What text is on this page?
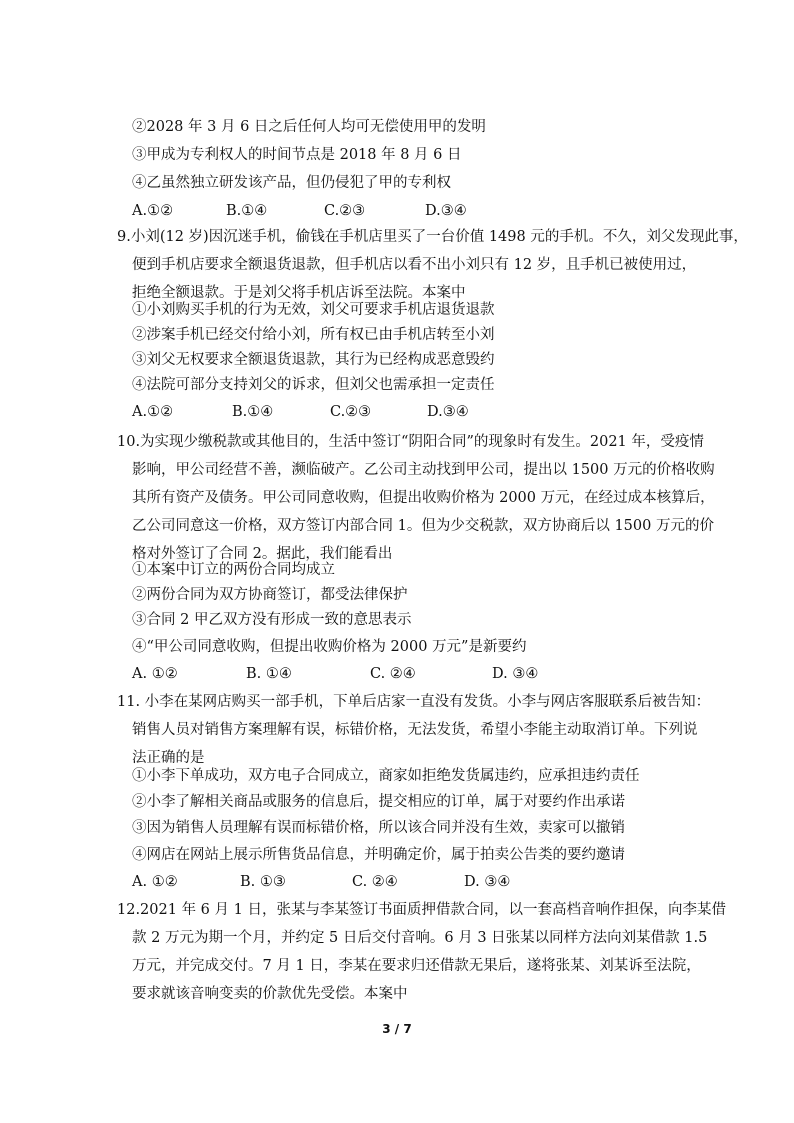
②2028 年 3 月 6 日之后任何人均可无偿使用甲的发明

③甲成为专利权人的时间节点是 2018 年 8 月 6 日

④乙虽然独立研发该产品，但仍侵犯了甲的专利权

A.①②	B.①④	C.②③	D.③④

9.小刘(12 岁)因沉迷手机，偷钱在手机店里买了一台价值 1498 元的手机。不久，刘父发现此事，

便到手机店要求全额退货退款，但手机店以看不出小刘只有 12 岁，且手机已被使用过，

拒绝全额退款。于是刘父将手机店诉至法院。本案中

①小刘购买手机的行为无效，刘父可要求手机店退货退款

②涉案手机已经交付给小刘，所有权已由手机店转至小刘

③刘父无权要求全额退货退款，其行为已经构成恶意毁约

④法院可部分支持刘父的诉求，但刘父也需承担一定责任

A.①②	B.①④	C.②③	D.③④

10.为实现少缴税款或其他目的，生活中签订“阴阳合同”的现象时有发生。2021 年，受疫情

影响，甲公司经营不善，濒临破产。乙公司主动找到甲公司，提出以 1500 万元的价格收购

其所有资产及债务。甲公司同意收购，但提出收购价格为 2000 万元，在经过成本核算后，

乙公司同意这一价格，双方签订内部合同 1。但为少交税款，双方协商后以 1500 万元的价

格对外签订了合同 2。据此，我们能看出

①本案中订立的两份合同均成立

②两份合同为双方协商签订，都受法律保护

③合同 2 甲乙双方没有形成一致的意思表示

④“甲公司同意收购，但提出收购价格为 2000 万元”是新要约

A. ①②	B. ①④	C. ②④	D. ③④

11. 小李在某网店购买一部手机，下单后店家一直没有发货。小李与网店客服联系后被告知：

销售人员对销售方案理解有误，标错价格，无法发货，希望小李能主动取消订单。下列说

法正确的是

①小李下单成功，双方电子合同成立，商家如拒绝发货属违约，应承担违约责任

②小李了解相关商品或服务的信息后，提交相应的订单，属于对要约作出承诺

③因为销售人员理解有误而标错价格，所以该合同并没有生效，卖家可以撤销

④网店在网站上展示所售货品信息，并明确定价，属于拍卖公告类的要约邀请

A. ①②	B. ①③	C. ②④	D. ③④

12.2021 年 6 月 1 日，张某与李某签订书面质押借款合同，以一套高档音响作担保，向李某借

款 2 万元为期一个月，并约定 5 日后交付音响。6 月 3 日张某以同样方法向刘某借款 1.5

万元，并完成交付。7 月 1 日，李某在要求归还借款无果后，遂将张某、刘某诉至法院，

要求就该音响变卖的价款优先受偿。本案中

3 / 7
